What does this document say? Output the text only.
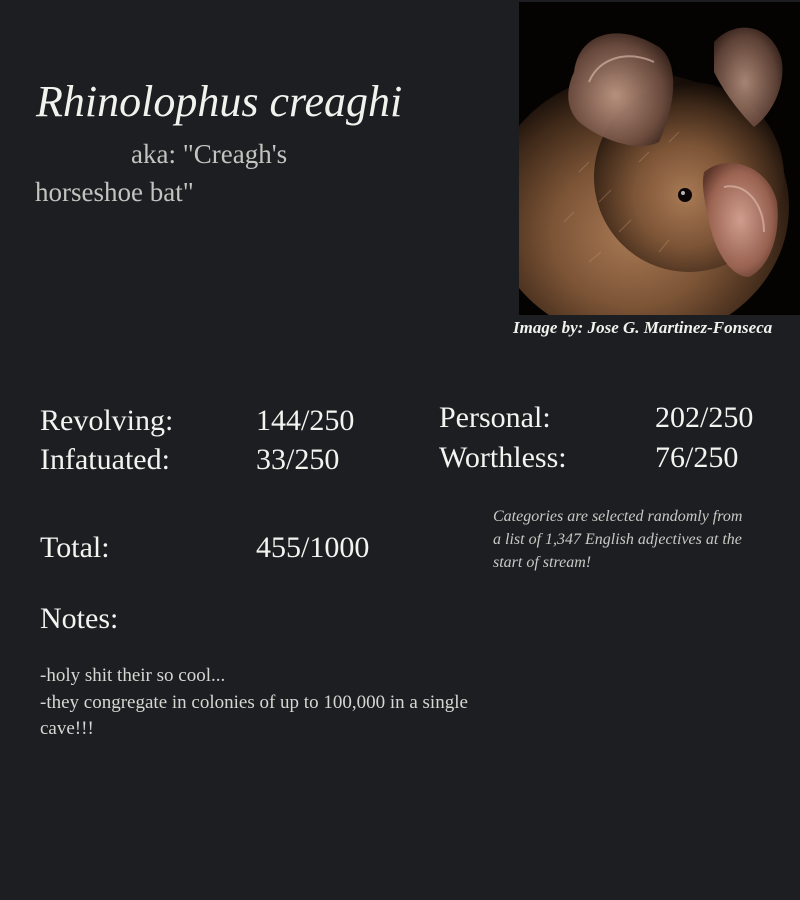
Rhinolophus creaghi
aka: "Creagh's
horseshoe bat"
Image by: Jose G. Martinez-Fonseca
Revolving:	144/250
Infatuated:	33/250
Personal:	202/250
Worthless:	76/250
Categories are selected randomly from a list of 1,347 English adjectives at the start of stream!
Total:	455/1000
Notes:
-holy shit their so cool...
-they congregate in colonies of up to 100,000 in a single cave!!!
